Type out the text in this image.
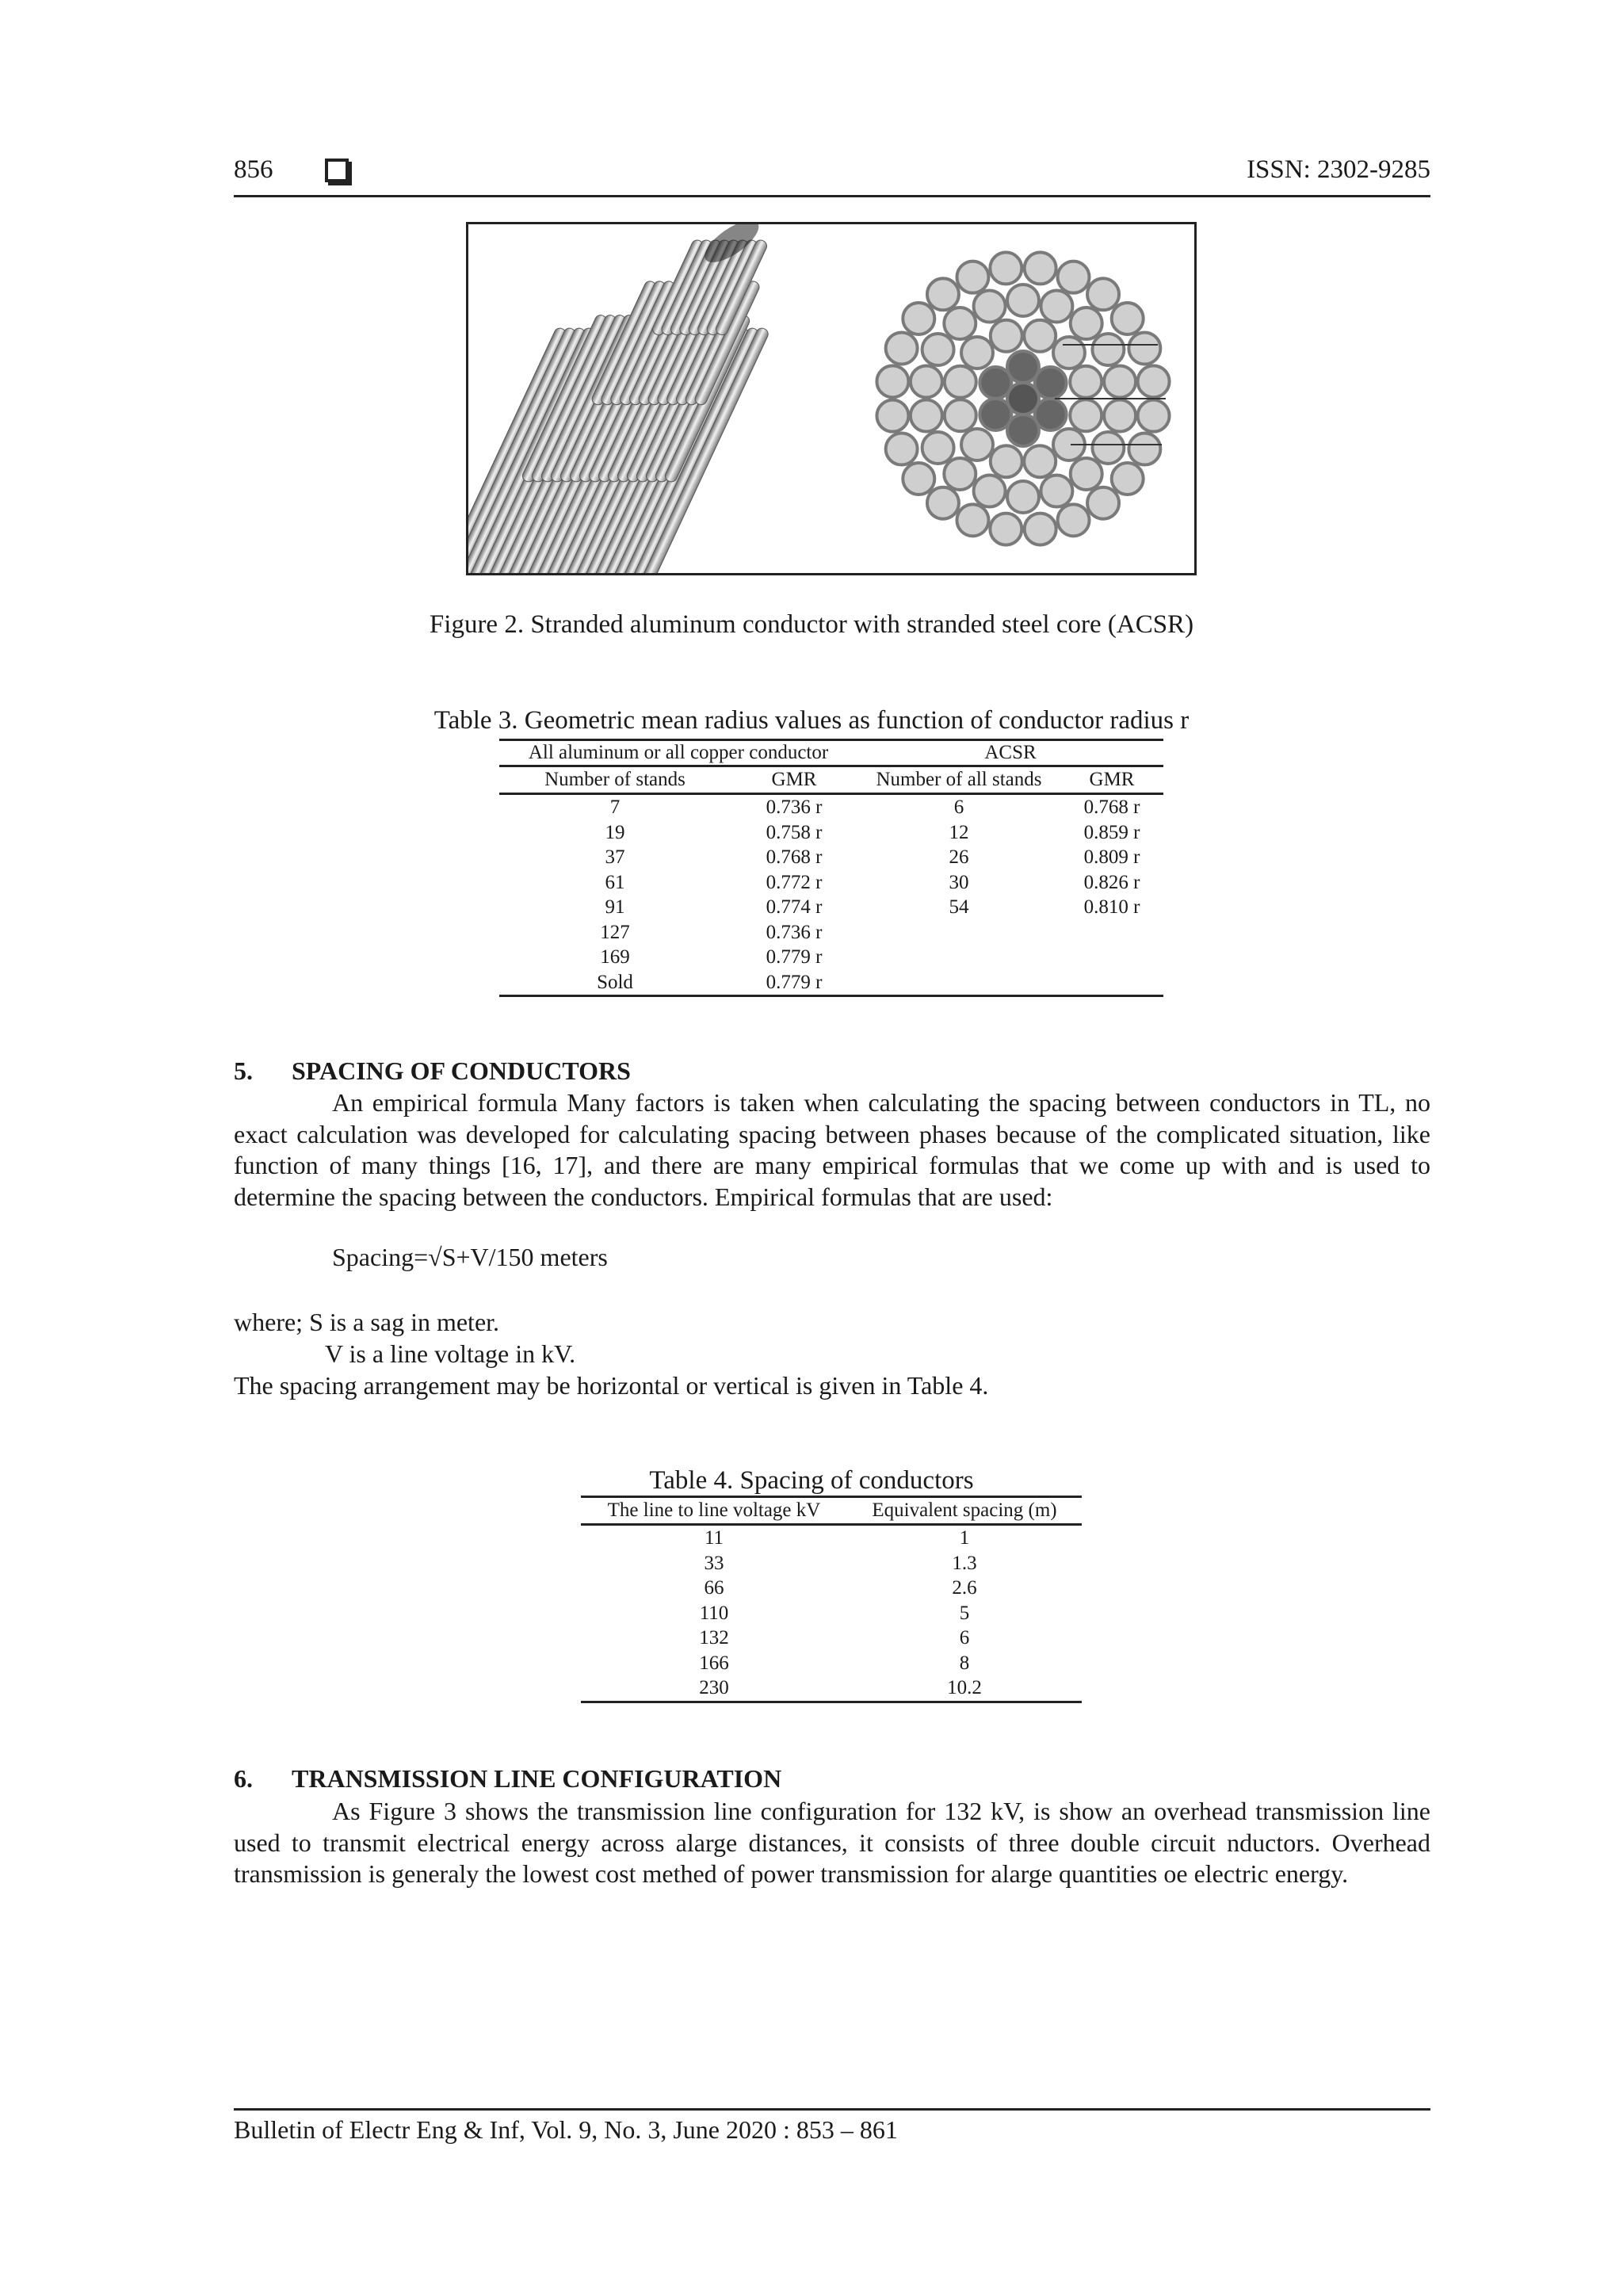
856	ISSN: 2302-9285
Figure 2. Stranded aluminum conductor with stranded steel core (ACSR)
Table 3. Geometric mean radius values as function of conductor radius r
All aluminum or all copper conductor		ACSR	
Number of stands	GMR	Number of all stands	GMR
7	0.736 r	6	0.768 r
19	0.758 r	12	0.859 r
37	0.768 r	26	0.809 r
61	0.772 r	30	0.826 r
91	0.774 r	54	0.810 r
127	0.736 r		
169	0.779 r		
Sold	0.779 r		
5. SPACING OF CONDUCTORS

An empirical formula Many factors is taken when calculating the spacing between conductors in TL, no exact calculation was developed for calculating spacing between phases because of the complicated situation, like function of many things [16, 17], and there are many empirical formulas that we come up with and is used to determine the spacing between the conductors. Empirical formulas that are used:

Spacing=√S+V/150 meters
where; S is a sag in meter.
V is a line voltage in kV.
The spacing arrangement may be horizontal or vertical is given in Table 4.
Table 4. Spacing of conductors
The line to line voltage kV	Equivalent spacing (m)
11	1
33	1.3
66	2.6
110	5
132	6
166	8
230	10.2
6. TRANSMISSION LINE CONFIGURATION

As Figure 3 shows the transmission line configuration for 132 kV, is show an overhead transmission line used to transmit electrical energy across alarge distances, it consists of three double circuit nductors. Overhead transmission is generaly the lowest cost methed of power transmission for alarge quantities oe electric energy.

Bulletin of Electr Eng & Inf, Vol. 9, No. 3, June 2020 : 853 – 861
